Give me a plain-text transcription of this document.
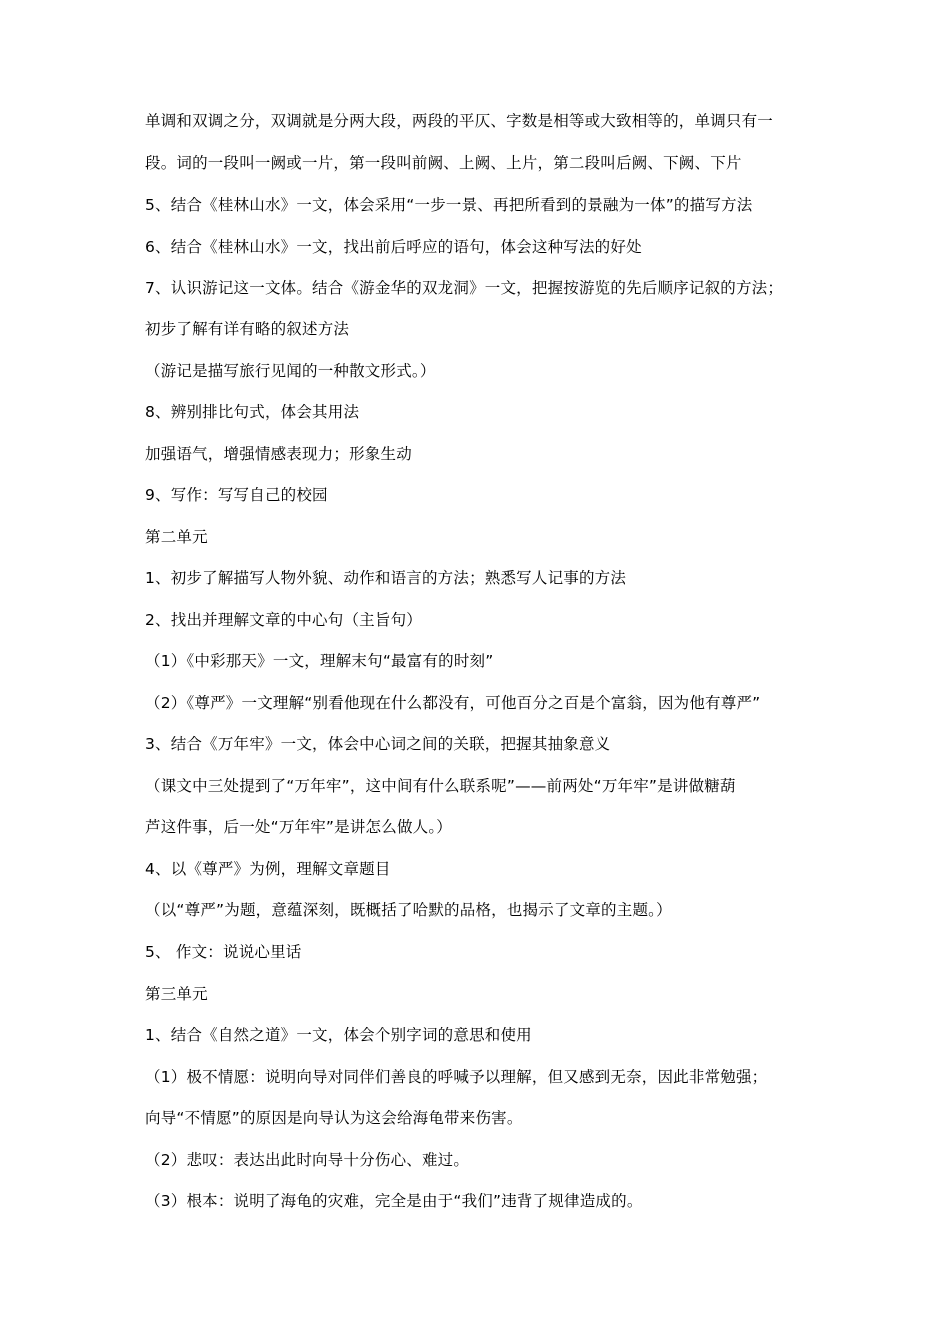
单调和双调之分，双调就是分两大段，两段的平仄、字数是相等或大致相等的，单调只有一
段。词的一段叫一阙或一片，第一段叫前阙、上阙、上片，第二段叫后阙、下阙、下片
5、结合《桂林山水》一文，体会采用“一步一景、再把所看到的景融为一体”的描写方法
6、结合《桂林山水》一文，找出前后呼应的语句，体会这种写法的好处
7、认识游记这一文体。结合《游金华的双龙洞》一文，把握按游览的先后顺序记叙的方法；
初步了解有详有略的叙述方法
（游记是描写旅行见闻的一种散文形式。）
8、辨别排比句式，体会其用法
加强语气，增强情感表现力；形象生动
9、写作：写写自己的校园
第二单元
1、初步了解描写人物外貌、动作和语言的方法；熟悉写人记事的方法
2、找出并理解文章的中心句（主旨句）
（1）《中彩那天》一文，理解末句“最富有的时刻”
（2）《尊严》一文理解“别看他现在什么都没有，可他百分之百是个富翁，因为他有尊严”
3、结合《万年牢》一文，体会中心词之间的关联，把握其抽象意义
（课文中三处提到了“万年牢”，这中间有什么联系呢”——前两处“万年牢”是讲做糖葫
芦这件事，后一处“万年牢”是讲怎么做人。）
4、以《尊严》为例，理解文章题目
（以“尊严”为题，意蕴深刻，既概括了哈默的品格，也揭示了文章的主题。）
5、 作文：说说心里话
第三单元
1、结合《自然之道》一文，体会个别字词的意思和使用
（1）极不情愿：说明向导对同伴们善良的呼喊予以理解，但又感到无奈，因此非常勉强；
向导“不情愿”的原因是向导认为这会给海龟带来伤害。
（2）悲叹：表达出此时向导十分伤心、难过。
（3）根本：说明了海龟的灾难，完全是由于“我们”违背了规律造成的。
